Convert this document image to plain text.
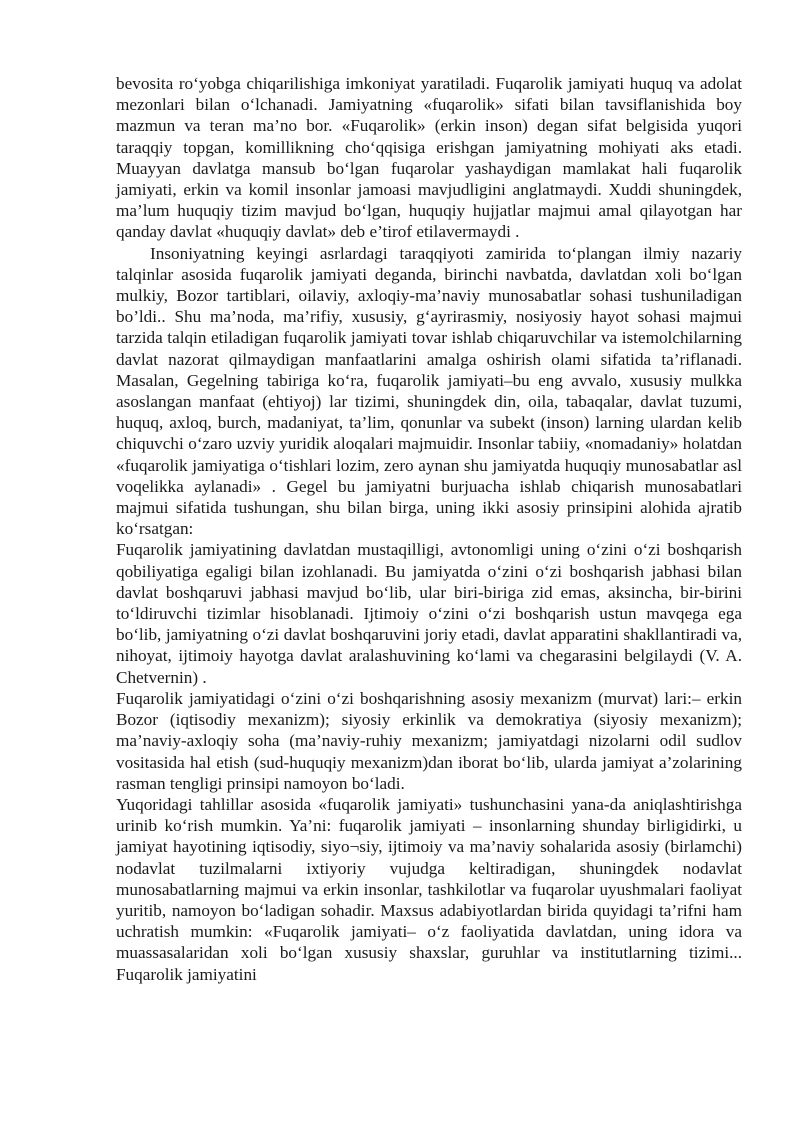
bevosita ro‘yobga chiqarilishiga imkoniyat yaratiladi. Fuqarolik jamiyati huquq va adolat mezonlari bilan o‘lchanadi. Jamiyatning «fuqarolik» sifati bilan tavsiflanishida boy mazmun va teran ma’no bor. «Fuqarolik» (erkin inson) degan sifat belgisida yuqori taraqqiy topgan, komillikning cho‘qqisiga erishgan jamiyatning mohiyati aks etadi. Muayyan davlatga mansub bo‘lgan fuqarolar yashaydigan mamlakat hali fuqarolik jamiyati, erkin va komil insonlar jamoasi mavjudligini anglatmaydi. Xuddi shuningdek, ma’lum huquqiy tizim mavjud bo‘lgan, huquqiy hujjatlar majmui amal qilayotgan har qanday davlat «huquqiy davlat» deb e’tirof etilavermaydi .

Insoniyatning keyingi asrlardagi taraqqiyoti zamirida to‘plangan ilmiy nazariy talqinlar asosida fuqarolik jamiyati deganda, birinchi navbatda, davlatdan xoli bo‘lgan mulkiy, Bozor tartiblari, oilaviy, axloqiy-ma’naviy munosabatlar sohasi tushuniladigan bo’ldi.. Shu ma’noda, ma’rifiy, xususiy, g‘ayrirasmiy, nosiyosiy hayot sohasi majmui tarzida talqin etiladigan fuqarolik jamiyati tovar ishlab chiqaruvchilar va istemolchilarning davlat nazorat qilmaydigan manfaatlarini amalga oshirish olami sifatida ta’riflanadi. Masalan, Gegelning tabiriga ko‘ra, fuqarolik jamiyati–bu eng avvalo, xususiy mulkka asoslangan manfaat (ehtiyoj) lar tizimi, shuningdek din, oila, tabaqalar, davlat tuzumi, huquq, axloq, burch, madaniyat, ta’lim, qonunlar va subekt (inson) larning ulardan kelib chiquvchi o‘zaro uzviy yuridik aloqalari majmuidir. Insonlar tabiiy, «nomadaniy» holatdan «fuqarolik jamiyatiga o‘tishlari lozim, zero aynan shu jamiyatda huquqiy munosabatlar asl voqelikka aylanadi» . Gegel bu jamiyatni burjuacha ishlab chiqarish munosabatlari majmui sifatida tushungan, shu bilan birga, uning ikki asosiy prinsipini alohida ajratib ko‘rsatgan:

Fuqarolik jamiyatining davlatdan mustaqilligi, avtonomligi uning o‘zini o‘zi boshqarish qobiliyatiga egaligi bilan izohlanadi. Bu jamiyatda o‘zini o‘zi boshqarish jabhasi bilan davlat boshqaruvi jabhasi mavjud bo‘lib, ular biri-biriga zid emas, aksincha, bir-birini to‘ldiruvchi tizimlar hisoblanadi. Ijtimoiy o‘zini o‘zi boshqarish ustun mavqega ega bo‘lib, jamiyatning o‘zi davlat boshqaruvini joriy etadi, davlat apparatini shakllantiradi va, nihoyat, ijtimoiy hayotga davlat aralashuvining ko‘lami va chegarasini belgilaydi (V. A. Chetvernin) .

Fuqarolik jamiyatidagi o‘zini o‘zi boshqarishning asosiy mexanizm (murvat) lari:– erkin Bozor (iqtisodiy mexanizm); siyosiy erkinlik va demokratiya (siyosiy mexanizm); ma’naviy-axloqiy soha (ma’naviy-ruhiy mexanizm; jamiyatdagi nizolarni odil sudlov vositasida hal etish (sud-huquqiy mexanizm)dan iborat bo‘lib, ularda jamiyat a’zolarining rasman tengligi prinsipi namoyon bo‘ladi.

Yuqoridagi tahlillar asosida «fuqarolik jamiyati» tushunchasini yana-da aniqlashtirishga urinib ko‘rish mumkin. Ya’ni: fuqarolik jamiyati – insonlarning shunday birligidirki, u jamiyat hayotining iqtisodiy, siyo¬siy, ijtimoiy va ma’naviy sohalarida asosiy (birlamchi) nodavlat tuzilmalarni ixtiyoriy vujudga keltiradigan, shuningdek nodavlat munosabatlarning majmui va erkin insonlar, tashkilotlar va fuqarolar uyushmalari faoliyat yuritib, namoyon bo‘ladigan sohadir. Maxsus adabiyotlardan birida quyidagi ta’rifni ham uchratish mumkin: «Fuqarolik jamiyati– o‘z faoliyatida davlatdan, uning idora va muassasalaridan xoli bo‘lgan xususiy shaxslar, guruhlar va institutlarning tizimi... Fuqarolik jamiyatini
